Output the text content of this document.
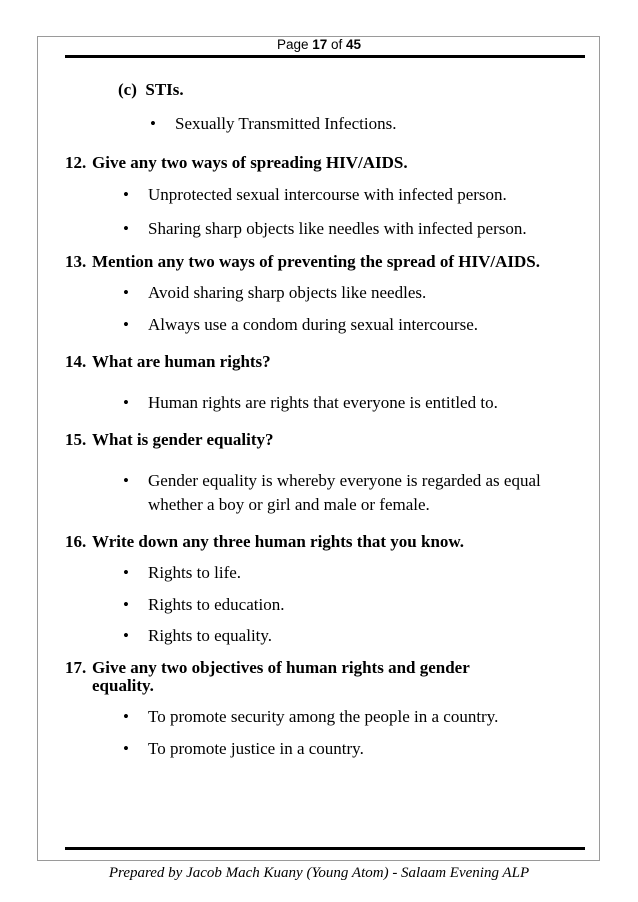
Page 17 of 45
(c) STIs.
• Sexually Transmitted Infections.
12. Give any two ways of spreading HIV/AIDS.
• Unprotected sexual intercourse with infected person.
• Sharing sharp objects like needles with infected person.
13. Mention any two ways of preventing the spread of HIV/AIDS.
• Avoid sharing sharp objects like needles.
• Always use a condom during sexual intercourse.
14. What are human rights?
• Human rights are rights that everyone is entitled to.
15. What is gender equality?
• Gender equality is whereby everyone is regarded as equal
whether a boy or girl and male or female.
16. Write down any three human rights that you know.
• Rights to life.
• Rights to education.
• Rights to equality.
17. Give any two objectives of human rights and gender
equality.
• To promote security among the people in a country.
• To promote justice in a country.
Prepared by Jacob Mach Kuany (Young Atom) - Salaam Evening ALP
